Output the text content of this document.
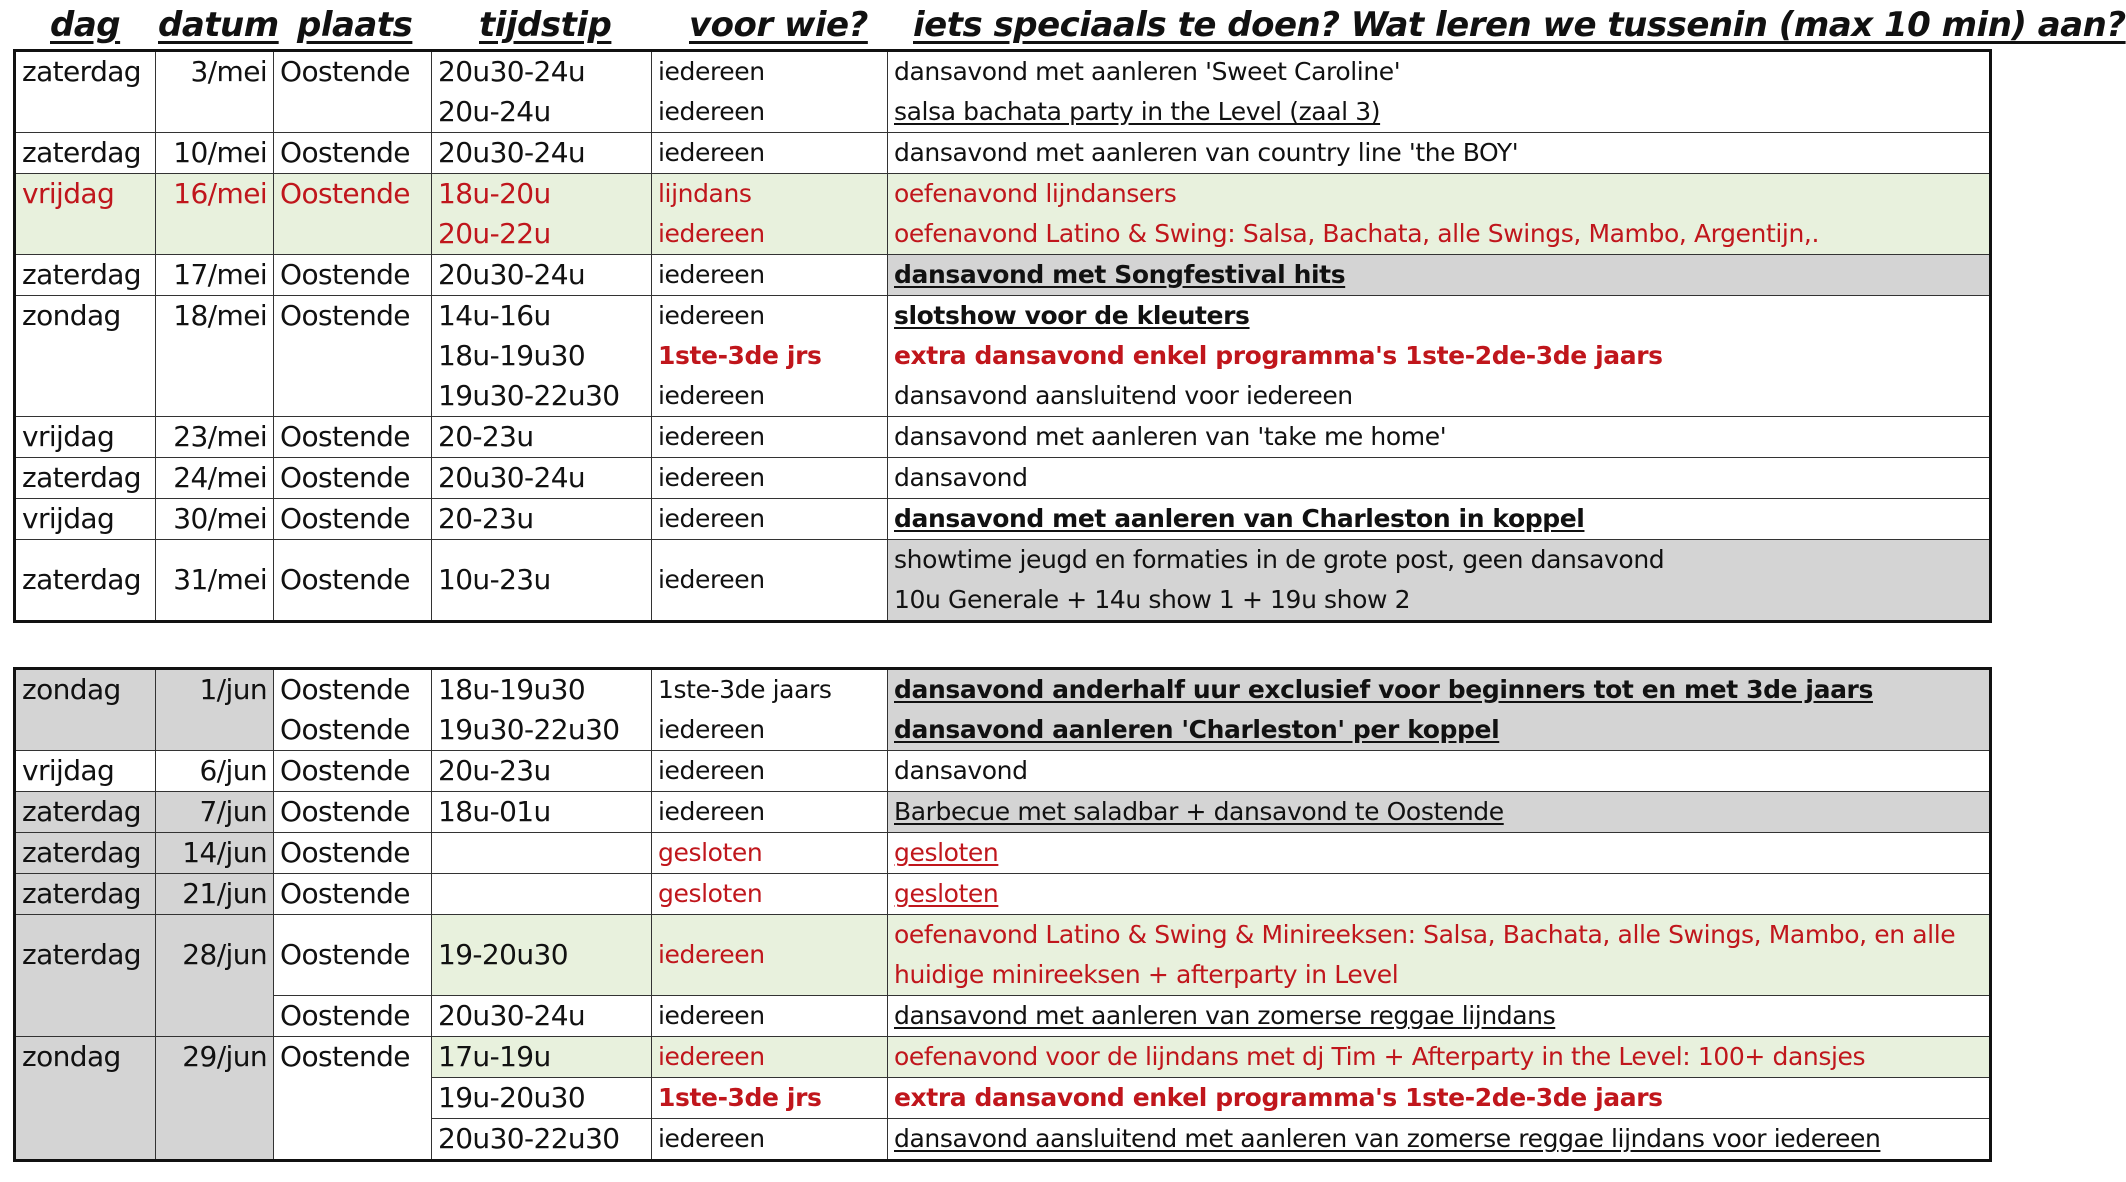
dag datum plaats tijdstip voor wie? iets speciaals te doen? Wat leren we tussenin (max 10 min) aan?
zaterdag	3/mei	Oostende	20u30-24u	iedereen	dansavond met aanleren 'Sweet Caroline'
			20u-24u	iedereen	salsa bachata party in the Level (zaal 3)
zaterdag	10/mei	Oostende	20u30-24u	iedereen	dansavond met aanleren van country line 'the BOY'
vrijdag	16/mei	Oostende	18u-20u	lijndans	oefenavond lijndansers
			20u-22u	iedereen	oefenavond Latino & Swing: Salsa, Bachata, alle Swings, Mambo, Argentijn,.
zaterdag	17/mei	Oostende	20u30-24u	iedereen	dansavond met Songfestival hits
zondag	18/mei	Oostende	14u-16u	iedereen	slotshow voor de kleuters
			18u-19u30	1ste-3de jrs	extra dansavond enkel programma's 1ste-2de-3de jaars
			19u30-22u30	iedereen	dansavond aansluitend voor iedereen
vrijdag	23/mei	Oostende	20-23u	iedereen	dansavond met aanleren van 'take me home'
zaterdag	24/mei	Oostende	20u30-24u	iedereen	dansavond
vrijdag	30/mei	Oostende	20-23u	iedereen	dansavond met aanleren van Charleston in koppel
zaterdag	31/mei	Oostende	10u-23u	iedereen	showtime jeugd en formaties in de grote post, geen dansavond
10u Generale + 14u show 1 + 19u show 2
zondag	1/jun	Oostende	18u-19u30	1ste-3de jaars	dansavond anderhalf uur exclusief voor beginners tot en met 3de jaars
		Oostende	19u30-22u30	iedereen	dansavond aanleren 'Charleston' per koppel
vrijdag	6/jun	Oostende	20u-23u	iedereen	dansavond
zaterdag	7/jun	Oostende	18u-01u	iedereen	Barbecue met saladbar + dansavond te Oostende
zaterdag	14/jun	Oostende		gesloten	gesloten
zaterdag	21/jun	Oostende		gesloten	gesloten

zaterdag	28/jun	Oostende	19-20u30	iedereen	oefenavond Latino & Swing & Minireeksen: Salsa, Bachata, alle Swings, Mambo, en alle
huidige minireeksen + afterparty in Level

		Oostende	20u30-24u	iedereen	dansavond met aanleren van zomerse reggae lijndans
zondag	29/jun	Oostende	17u-19u	iedereen	oefenavond voor de lijndans met dj Tim + Afterparty in the Level: 100+ dansjes
			19u-20u30	1ste-3de jrs	extra dansavond enkel programma's 1ste-2de-3de jaars
			20u30-22u30	iedereen	dansavond aansluitend met aanleren van zomerse reggae lijndans voor iedereen
